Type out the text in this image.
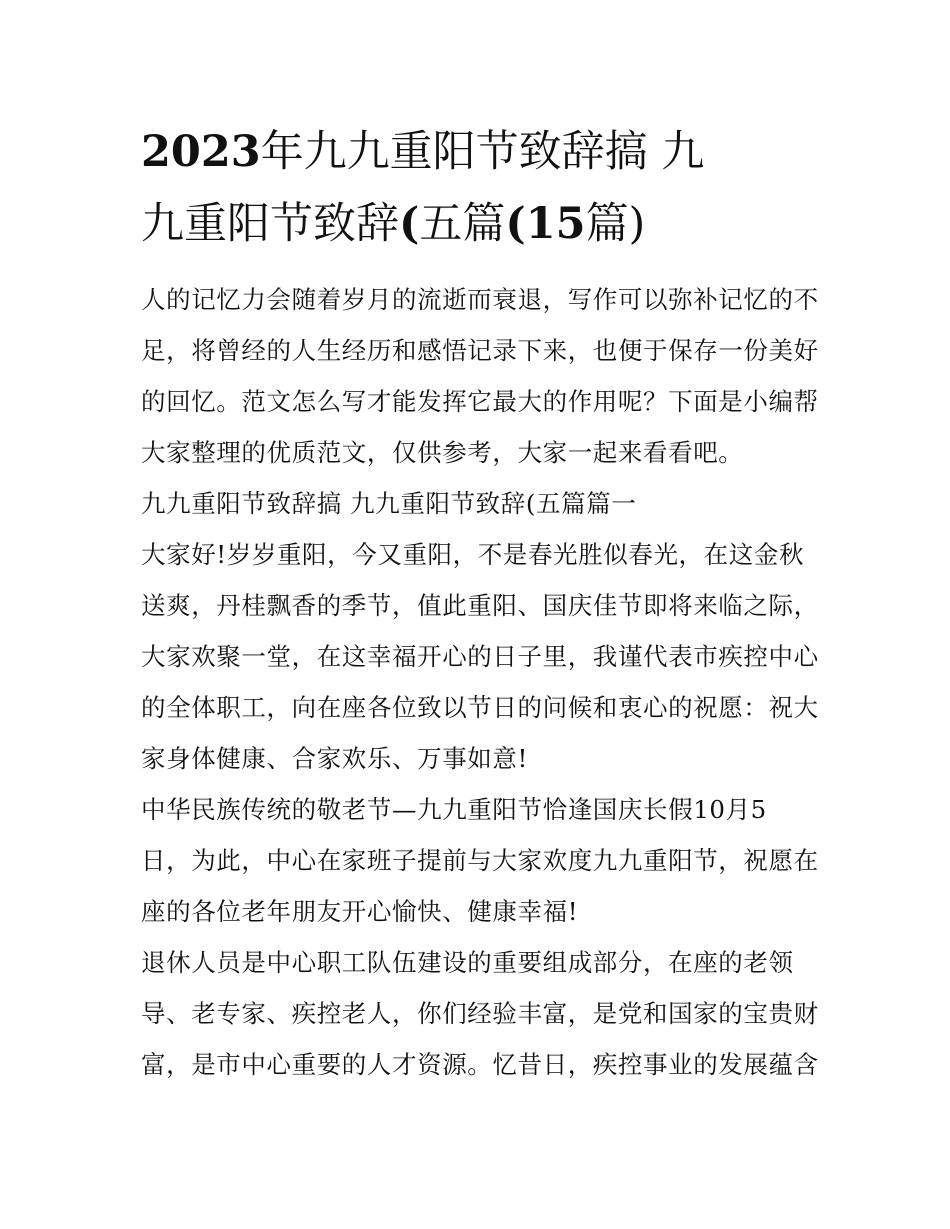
2023年九九重阳节致辞搞 九
九重阳节致辞(五篇(15篇)

人的记忆力会随着岁月的流逝而衰退，写作可以弥补记忆的不

足，将曾经的人生经历和感悟记录下来，也便于保存一份美好

的回忆。范文怎么写才能发挥它最大的作用呢？下面是小编帮

大家整理的优质范文，仅供参考，大家一起来看看吧。

九九重阳节致辞搞 九九重阳节致辞(五篇篇一

大家好!岁岁重阳，今又重阳，不是春光胜似春光，在这金秋

送爽，丹桂飘香的季节，值此重阳、国庆佳节即将来临之际，

大家欢聚一堂，在这幸福开心的日子里，我谨代表市疾控中心

的全体职工，向在座各位致以节日的问候和衷心的祝愿：祝大

家身体健康、合家欢乐、万事如意!

中华民族传统的敬老节—九九重阳节恰逢国庆长假10月5

日，为此，中心在家班子提前与大家欢度九九重阳节，祝愿在

座的各位老年朋友开心愉快、健康幸福!

退休人员是中心职工队伍建设的重要组成部分，在座的老领

导、老专家、疾控老人，你们经验丰富，是党和国家的宝贵财

富，是市中心重要的人才资源。忆昔日，疾控事业的发展蕴含
